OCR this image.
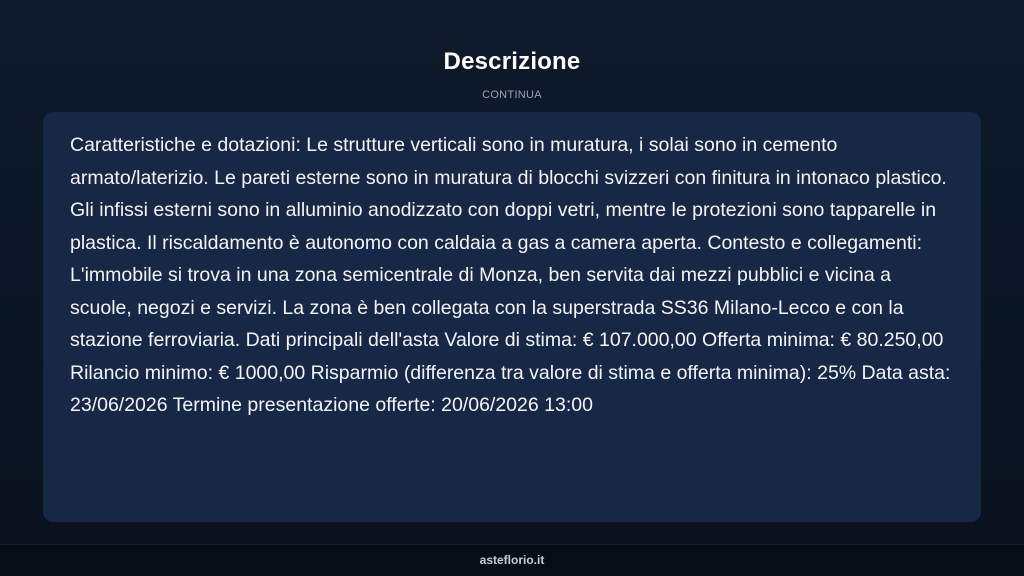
Descrizione
CONTINUA

Caratteristiche e dotazioni: Le strutture verticali sono in muratura, i solai sono in cemento armato/laterizio. Le pareti esterne sono in muratura di blocchi svizzeri con finitura in intonaco plastico. Gli infissi esterni sono in alluminio anodizzato con doppi vetri, mentre le protezioni sono tapparelle in plastica. Il riscaldamento è autonomo con caldaia a gas a camera aperta. Contesto e collegamenti: L'immobile si trova in una zona semicentrale di Monza, ben servita dai mezzi pubblici e vicina a scuole, negozi e servizi. La zona è ben collegata con la superstrada SS36 Milano-Lecco e con la stazione ferroviaria. Dati principali dell'asta Valore di stima: € 107.000,00 Offerta minima: € 80.250,00 Rilancio minimo: € 1000,00 Risparmio (differenza tra valore di stima e offerta minima): 25% Data asta: 23/06/2026 Termine presentazione offerte: 20/06/2026 13:00

asteflorio.it
